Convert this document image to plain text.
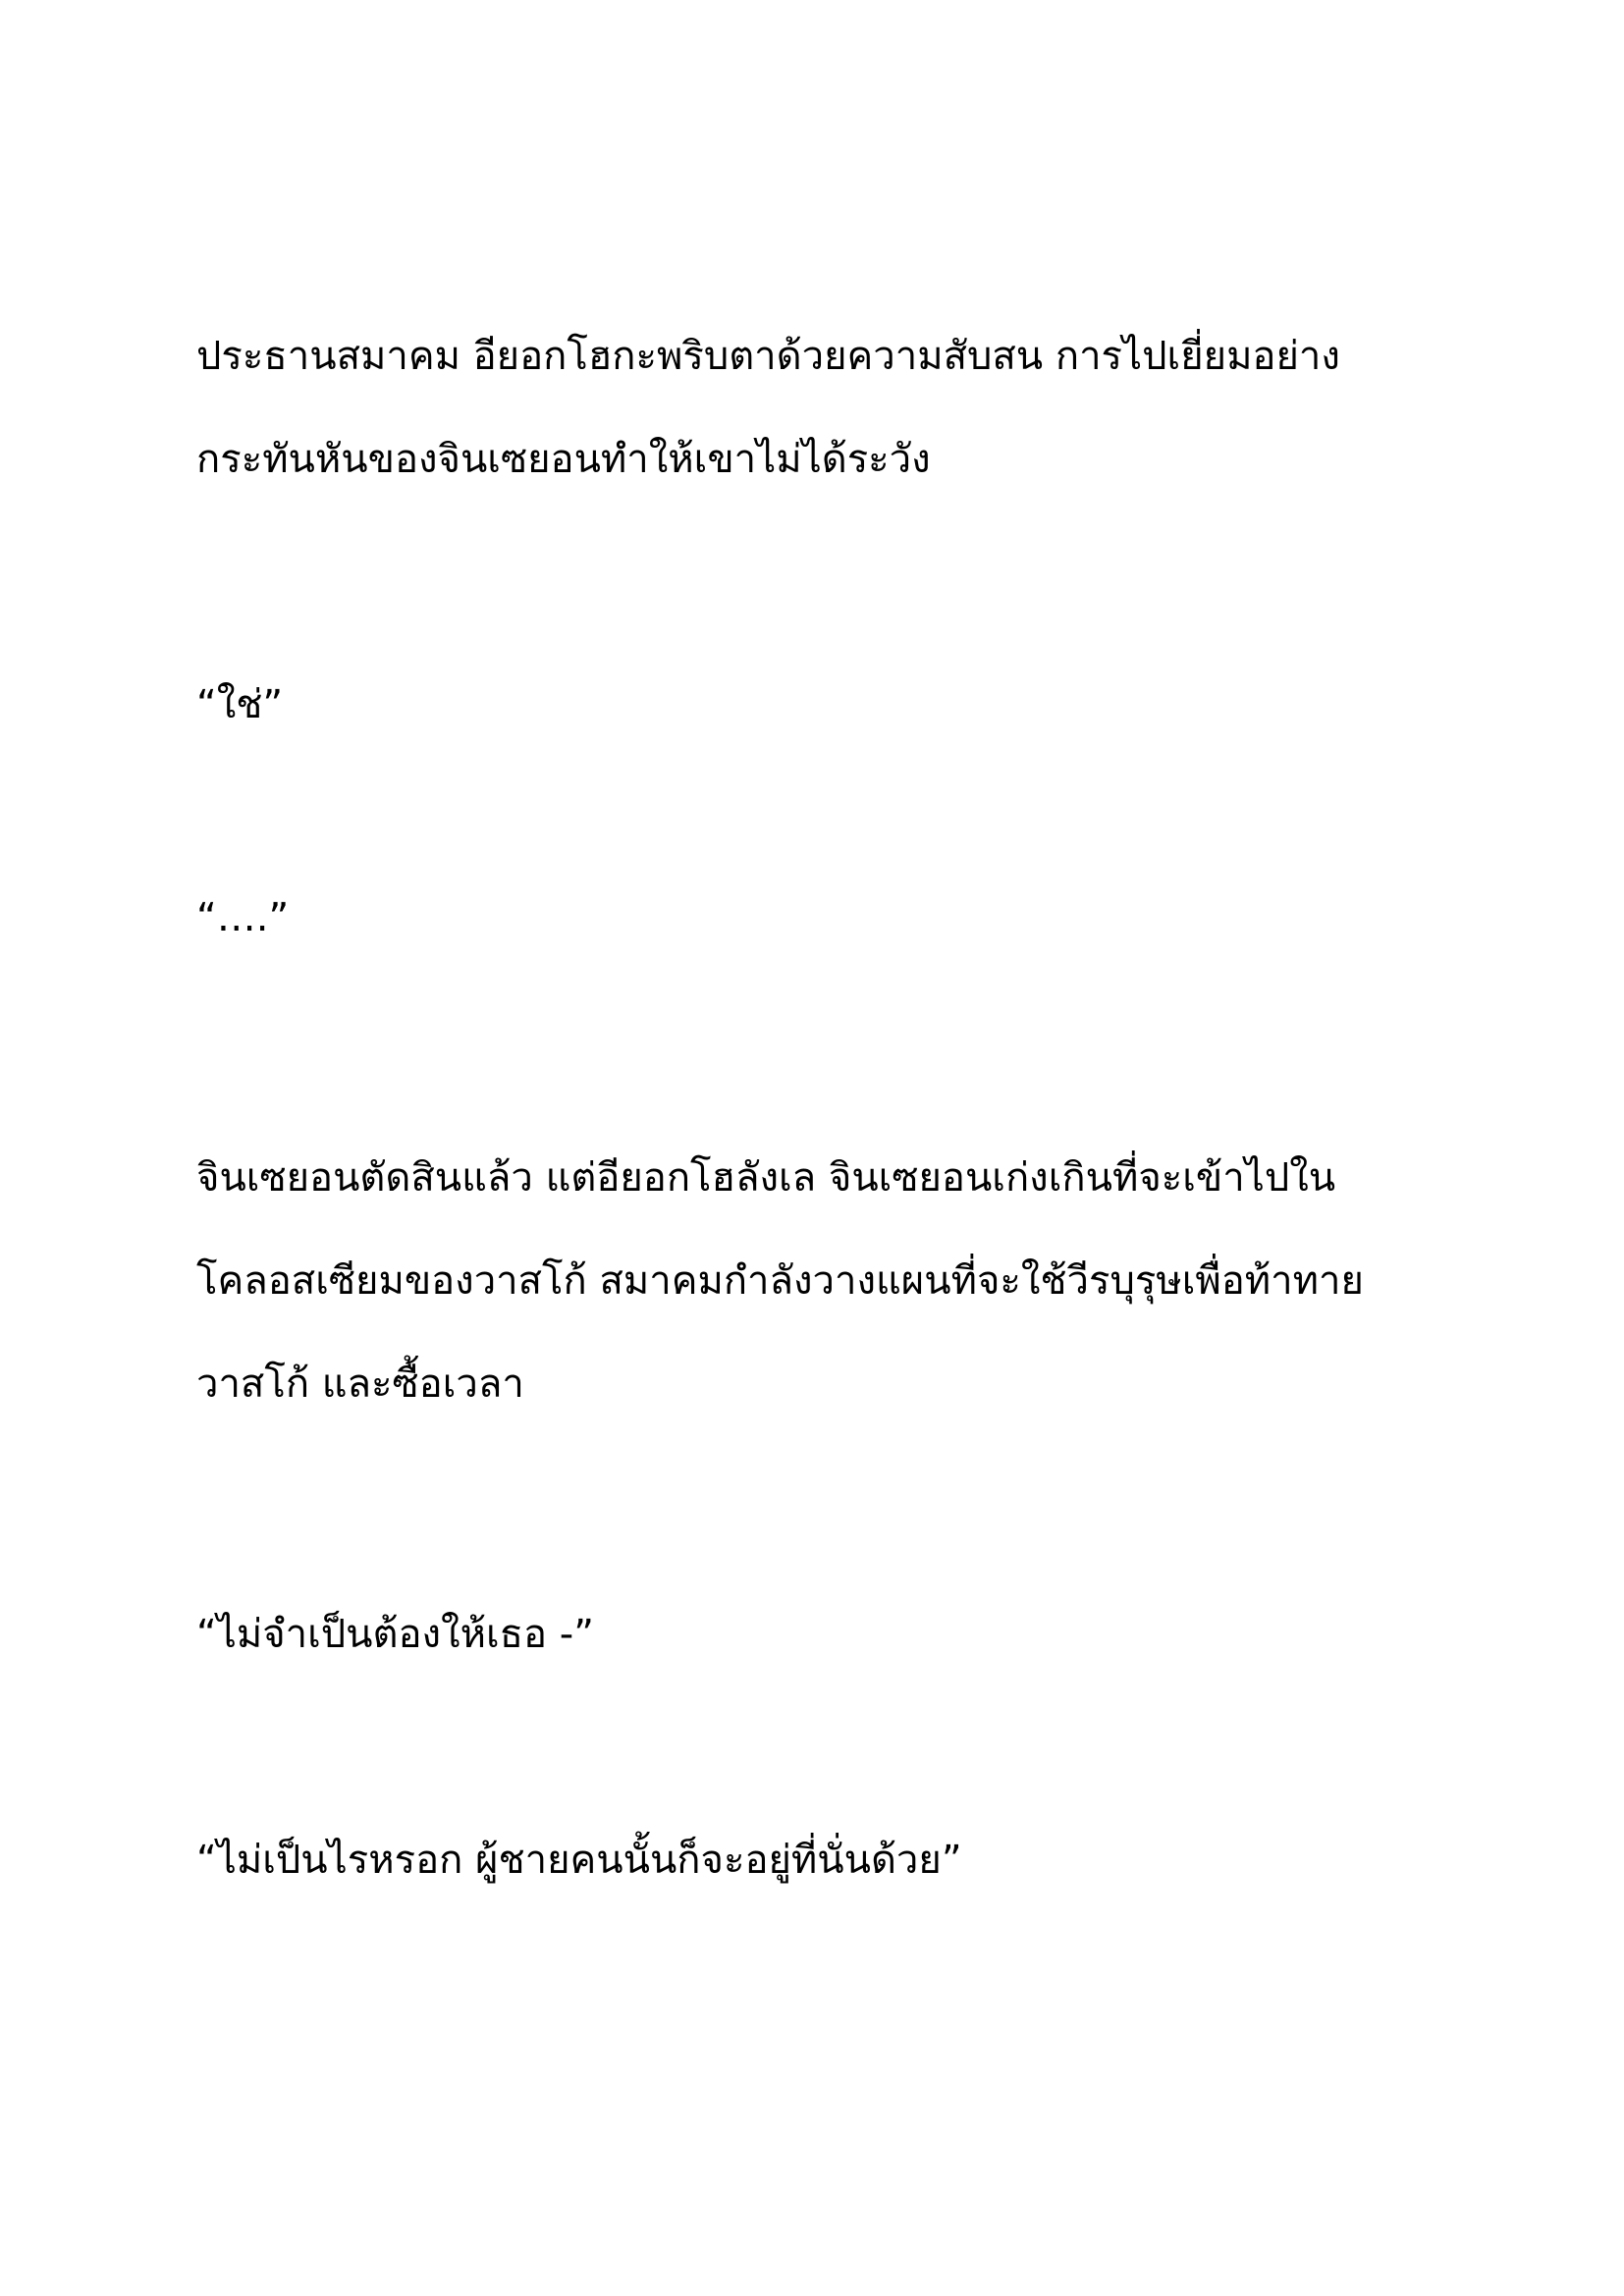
ประธานสมาคม อียอกโฮกะพริบตาด้วยความสับสน การไปเยี่ยมอย่าง

กระทันหันของจินเซยอนทำให้เขาไม่ได้ระวัง

“ใช่”

“….”

จินเซยอนตัดสินแล้ว แต่อียอกโฮลังเล จินเซยอนเก่งเกินที่จะเข้าไปใน

โคลอสเซียมของวาสโก้ สมาคมกำลังวางแผนที่จะใช้วีรบุรุษเพื่อท้าทาย

วาสโก้ และซื้อเวลา

“ไม่จำเป็นต้องให้เธอ -”

“ไม่เป็นไรหรอก ผู้ชายคนนั้นก็จะอยู่ที่นั่นด้วย”
